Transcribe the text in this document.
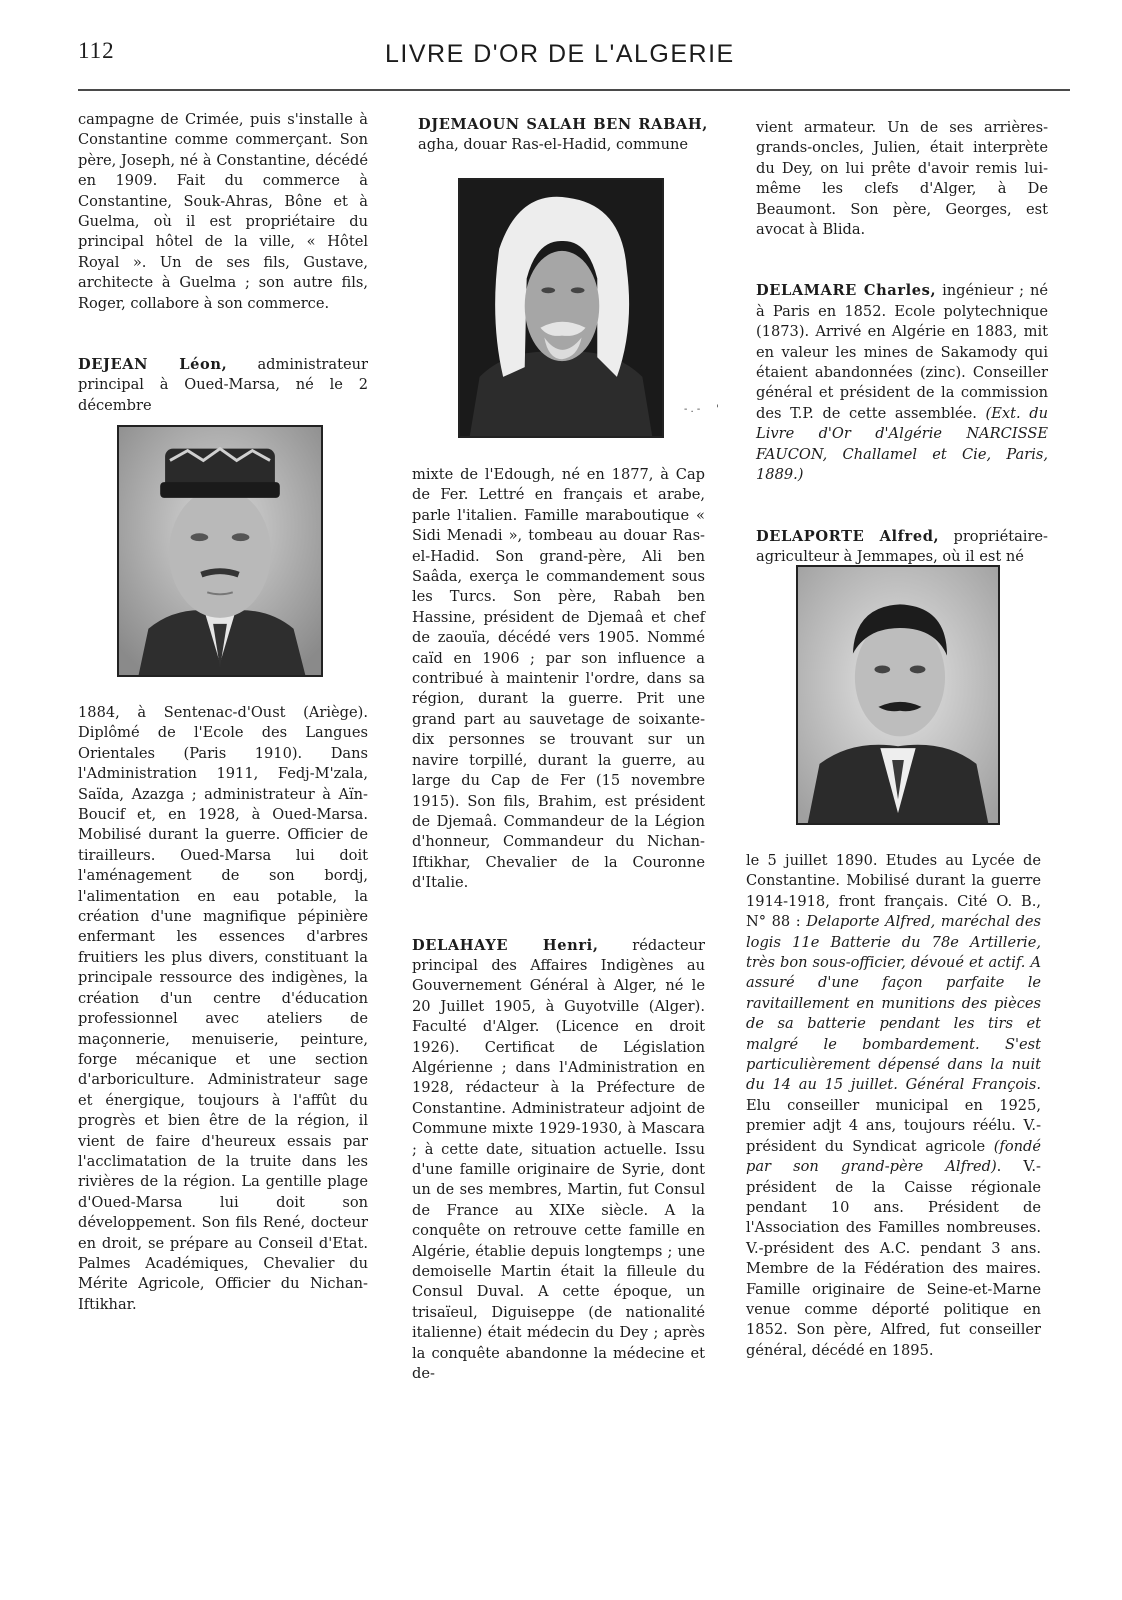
112	LIVRE D'OR DE L'ALGERIE

campagne de Crimée, puis s'installe à Constantine comme commerçant. Son père, Joseph, né à Constantine, décédé en 1909. Fait du commerce à Constantine, Souk-Ahras, Bône et à Guelma, où il est propriétaire du principal hôtel de la ville, « Hôtel Royal ». Un de ses fils, Gustave, architecte à Guelma ; son autre fils, Roger, collabore à son commerce.

DEJEAN Léon, administrateur principal à Oued-Marsa, né le 2 décembre

1884, à Sentenac-d'Oust (Ariège). Diplômé de l'Ecole des Langues Orientales (Paris 1910). Dans l'Administration 1911, Fedj-M'zala, Saïda, Azazga ; administrateur à Aïn-Boucif et, en 1928, à Oued-Marsa. Mobilisé durant la guerre. Officier de tirailleurs. Oued-Marsa lui doit l'aménagement de son bordj, l'alimentation en eau potable, la création d'une magnifique pépinière enfermant les essences d'arbres fruitiers les plus divers, constituant la principale ressource des indigènes, la création d'un centre d'éducation professionnel avec ateliers de maçonnerie, menuiserie, peinture, forge mécanique et une section d'arboriculture. Administrateur sage et énergique, toujours à l'affût du progrès et bien être de la région, il vient de faire d'heureux essais par l'acclimatation de la truite dans les rivières de la région. La gentille plage d'Oued-Marsa lui doit son développement. Son fils René, docteur en droit, se prépare au Conseil d'Etat. Palmes Académiques, Chevalier du Mérite Agricole, Officier du Nichan-Iftikhar.

DJEMAOUN SALAH BEN RABAH, agha, douar Ras-el-Hadid, commune

- . -     '

mixte de l'Edough, né en 1877, à Cap de Fer. Lettré en français et arabe, parle l'italien. Famille maraboutique « Sidi Menadi », tombeau au douar Ras-el-Hadid. Son grand-père, Ali ben Saâda, exerça le commandement sous les Turcs. Son père, Rabah ben Hassine, président de Djemaâ et chef de zaouïa, décédé vers 1905. Nommé caïd en 1906 ; par son influence a contribué à maintenir l'ordre, dans sa région, durant la guerre. Prit une grand part au sauvetage de soixante-dix personnes se trouvant sur un navire torpillé, durant la guerre, au large du Cap de Fer (15 novembre 1915). Son fils, Brahim, est président de Djemaâ. Commandeur de la Légion d'honneur, Commandeur du Nichan-Iftikhar, Chevalier de la Couronne d'Italie.

DELAHAYE Henri, rédacteur principal des Affaires Indigènes au Gouvernement Général à Alger, né le 20 Juillet 1905, à Guyotville (Alger). Faculté d'Alger. (Licence en droit 1926). Certificat de Législation Algérienne ; dans l'Administration en 1928, rédacteur à la Préfecture de Constantine. Administrateur adjoint de Commune mixte 1929-1930, à Mascara ; à cette date, situation actuelle. Issu d'une famille originaire de Syrie, dont un de ses membres, Martin, fut Consul de France au XIXe siècle. A la conquête on retrouve cette famille en Algérie, établie depuis longtemps ; une demoiselle Martin était la filleule du Consul Duval. A cette époque, un trisaïeul, Diguiseppe (de nationalité italienne) était médecin du Dey ; après la conquête abandonne la médecine et de-

vient armateur. Un de ses arrières-grands-oncles, Julien, était interprète du Dey, on lui prête d'avoir remis lui-même les clefs d'Alger, à De Beaumont. Son père, Georges, est avocat à Blida.

DELAMARE Charles, ingénieur ; né à Paris en 1852. Ecole polytechnique (1873). Arrivé en Algérie en 1883, mit en valeur les mines de Sakamody qui étaient abandonnées (zinc). Conseiller général et président de la commission des T.P. de cette assemblée. (Ext. du Livre d'Or d'Algérie NARCISSE FAUCON, Challamel et Cie, Paris, 1889.)

DELAPORTE Alfred, propriétaire-agriculteur à Jemmapes, où il est né

le 5 juillet 1890. Etudes au Lycée de Constantine. Mobilisé durant la guerre 1914-1918, front français. Cité O. B., N° 88 : Delaporte Alfred, maréchal des logis 11e Batterie du 78e Artillerie, très bon sous-officier, dévoué et actif. A assuré d'une façon parfaite le ravitaillement en munitions des pièces de sa batterie pendant les tirs et malgré le bombardement. S'est particulièrement dépensé dans la nuit du 14 au 15 juillet. Général François. Elu conseiller municipal en 1925, premier adjt 4 ans, toujours réélu. V.-président du Syndicat agricole (fondé par son grand-père Alfred). V.-président de la Caisse régionale pendant 10 ans. Président de l'Association des Familles nombreuses. V.-président des A.C. pendant 3 ans. Membre de la Fédération des maires. Famille originaire de Seine-et-Marne venue comme déporté politique en 1852. Son père, Alfred, fut conseiller général, décédé en 1895.
